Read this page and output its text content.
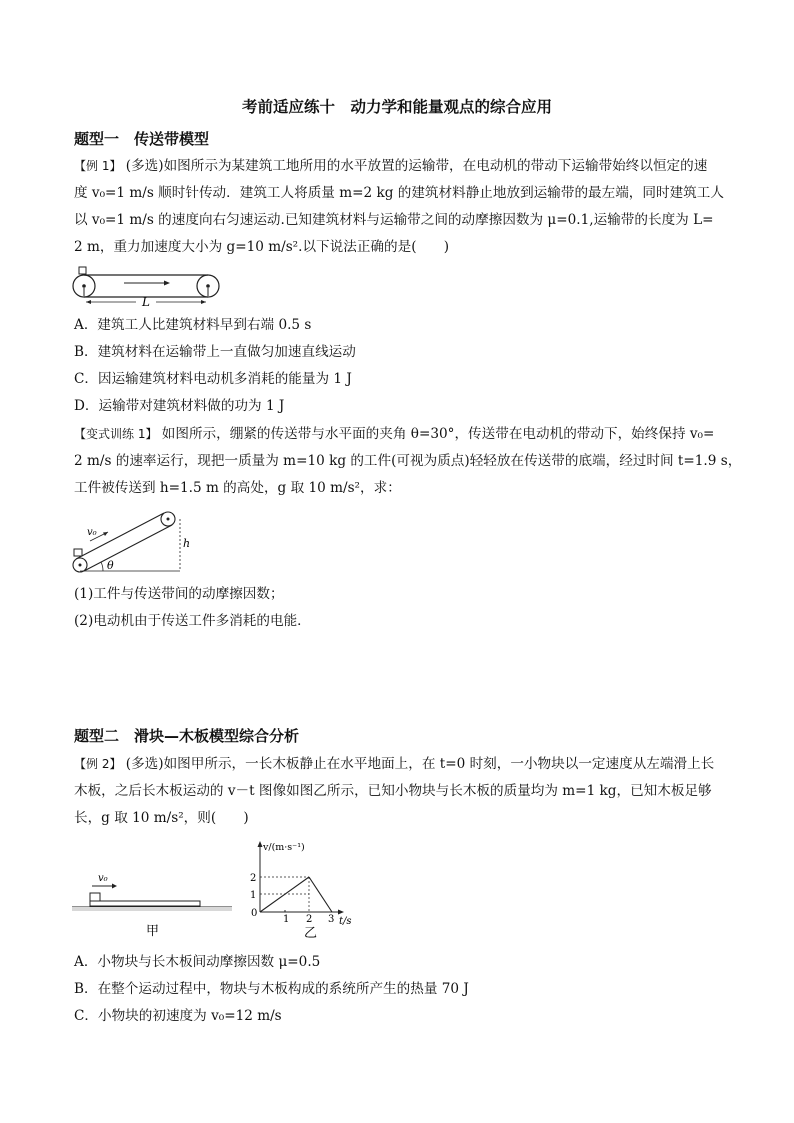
考前适应练十　动力学和能量观点的综合应用
题型一　传送带模型
【例 1】 (多选)如图所示为某建筑工地所用的水平放置的运输带，在电动机的带动下运输带始终以恒定的速
度 v₀=1 m/s 顺时针传动．建筑工人将质量 m=2 kg 的建筑材料静止地放到运输带的最左端，同时建筑工人
以 v₀=1 m/s 的速度向右匀速运动.已知建筑材料与运输带之间的动摩擦因数为 μ=0.1,运输带的长度为 L=
2 m，重力加速度大小为 g=10 m/s².以下说法正确的是(　　)
L
A．建筑工人比建筑材料早到右端 0.5 s
B．建筑材料在运输带上一直做匀加速直线运动
C．因运输建筑材料电动机多消耗的能量为 1 J
D．运输带对建筑材料做的功为 1 J
【变式训练 1】 如图所示，绷紧的传送带与水平面的夹角 θ=30°，传送带在电动机的带动下，始终保持 v₀=
2 m/s 的速率运行，现把一质量为 m=10 kg 的工件(可视为质点)轻轻放在传送带的底端，经过时间 t=1.9 s，
工件被传送到 h=1.5 m 的高处，g 取 10 m/s²，求：
v₀
h
θ
(1)工件与传送带间的动摩擦因数；
(2)电动机由于传送工件多消耗的电能．
题型二　滑块—木板模型综合分析
【例 2】 (多选)如图甲所示，一长木板静止在水平地面上，在 t=0 时刻，一小物块以一定速度从左端滑上长
木板，之后长木板运动的 v－t 图像如图乙所示，已知小物块与长木板的质量均为 m=1 kg，已知木板足够
长，g 取 10 m/s²，则(　　)
v₀
甲
v/(m·s⁻¹)
t/s
1
2
0
1 2 3
乙
A．小物块与长木板间动摩擦因数 μ=0.5
B．在整个运动过程中，物块与木板构成的系统所产生的热量 70 J
C．小物块的初速度为 v₀=12 m/s
